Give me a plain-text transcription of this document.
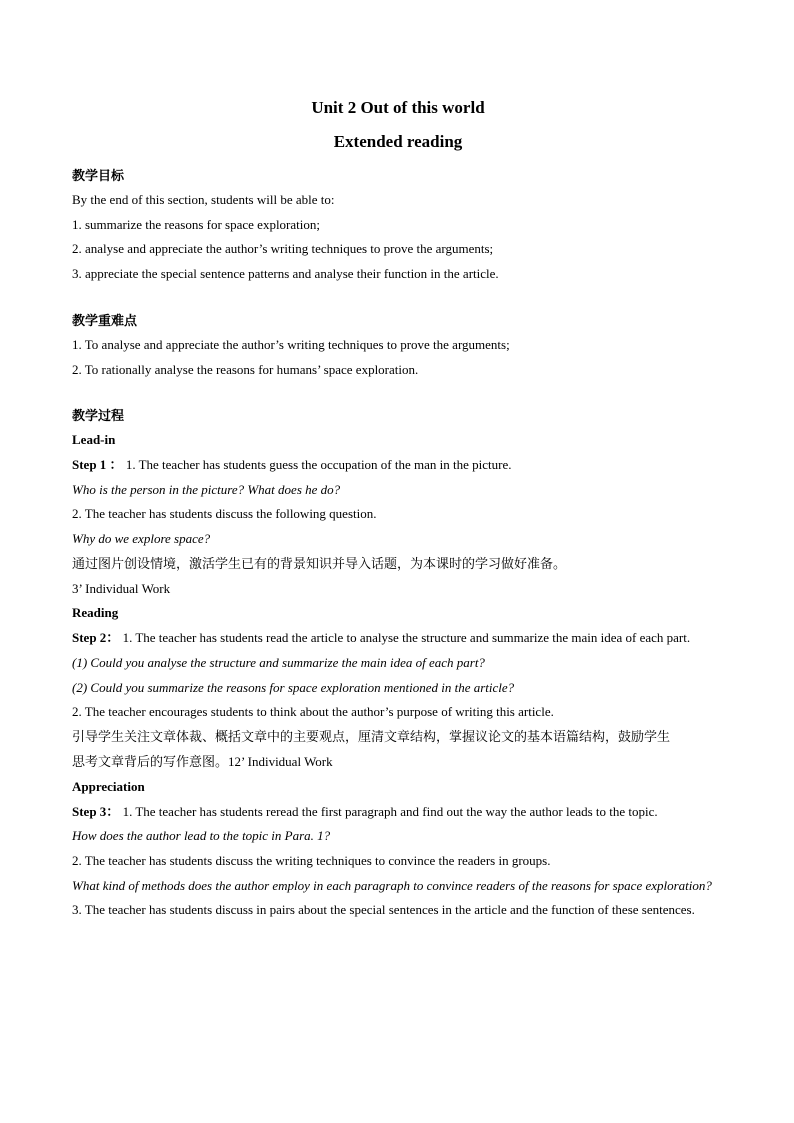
Unit 2 Out of this world

Extended reading

教学目标

By the end of this section, students will be able to:

1. summarize the reasons for space exploration;

2. analyse and appreciate the author’s writing techniques to prove the arguments;

3. appreciate the special sentence patterns and analyse their function in the article.

教学重难点

1. To analyse and appreciate the author’s writing techniques to prove the arguments;

2. To rationally analyse the reasons for humans’ space exploration.

教学过程

Lead-in

Step 1 ： 1. The teacher has students guess the occupation of the man in the picture.

Who is the person in the picture? What does he do?

2. The teacher has students discuss the following question.

Why do we explore space?

通过图片创设情境，激活学生已有的背景知识并导入话题，为本课时的学习做好准备。

3’ Individual Work

Reading

Step 2： 1. The teacher has students read the article to analyse the structure and summarize the main idea of each part.

(1) Could you analyse the structure and summarize the main idea of each part?

(2) Could you summarize the reasons for space exploration mentioned in the article?

2. The teacher encourages students to think about the author’s purpose of writing this article.

引导学生关注文章体裁、概括文章中的主要观点，厘清文章结构，掌握议论文的基本语篇结构，鼓励学生

思考文章背后的写作意图。12’ Individual Work

Appreciation

Step 3： 1. The teacher has students reread the first paragraph and find out the way the author leads to the topic.

How does the author lead to the topic in Para. 1?

2. The teacher has students discuss the writing techniques to convince the readers in groups.

What kind of methods does the author employ in each paragraph to convince readers of the reasons for space exploration?

3. The teacher has students discuss in pairs about the special sentences in the article and the function of these sentences.
